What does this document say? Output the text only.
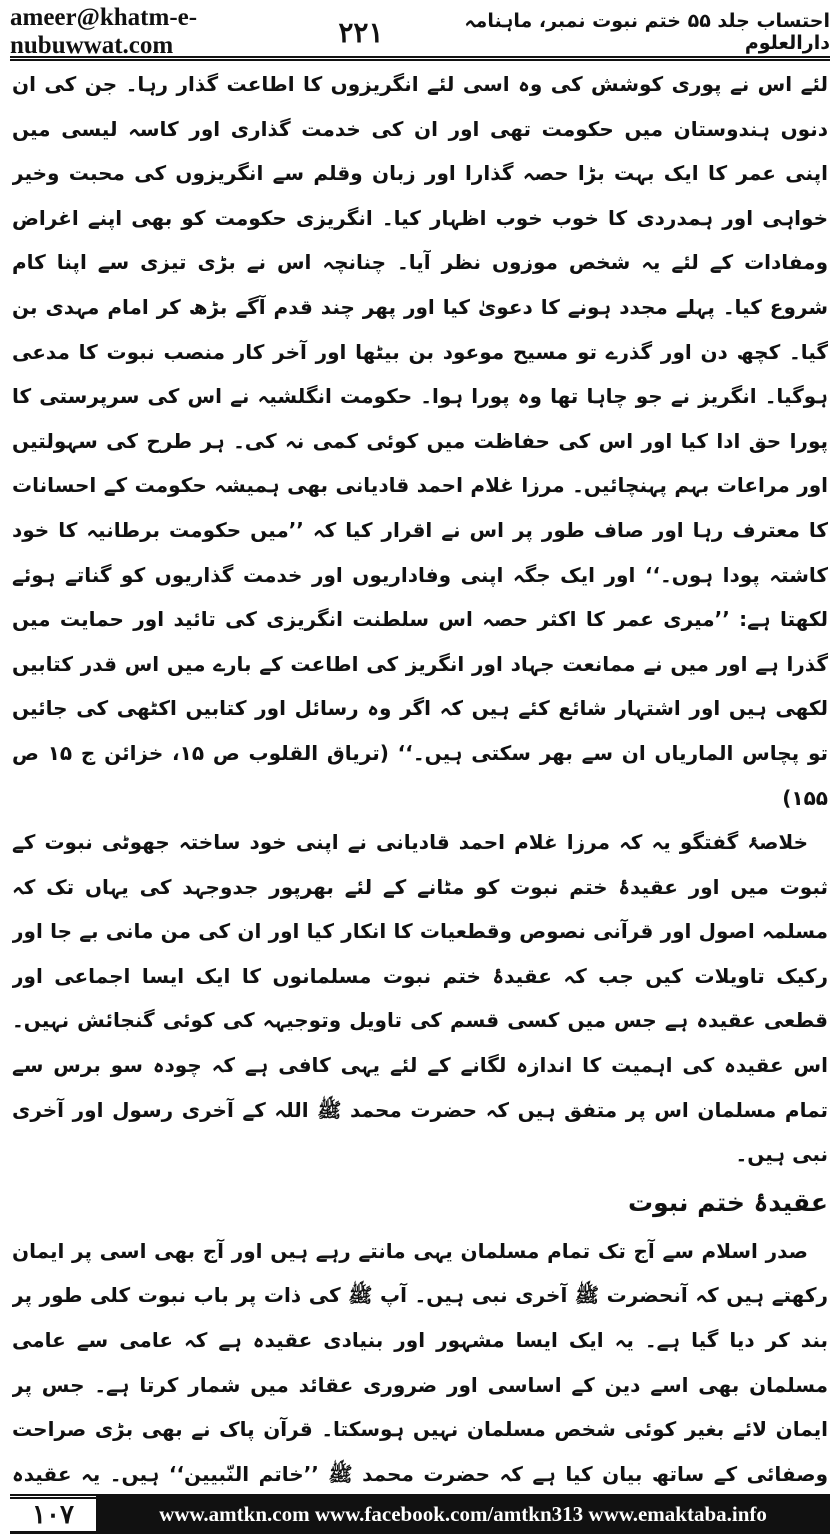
ameer@khatm-e-nubuwwat.com	۲۲۱	احتساب جلد ۵۵ ختم نبوت نمبر، ماہنامہ دارالعلوم

لئے اس نے پوری کوشش کی وہ اسی لئے انگریزوں کا اطاعت گذار رہا۔ جن کی ان دنوں ہندوستان میں حکومت تھی اور ان کی خدمت گذاری اور کاسہ لیسی میں اپنی عمر کا ایک بہت بڑا حصہ گذارا اور زبان وقلم سے انگریزوں کی محبت وخیر خواہی اور ہمدردی کا خوب خوب اظہار کیا۔ انگریزی حکومت کو بھی اپنے اغراض ومفادات کے لئے یہ شخص موزوں نظر آیا۔ چنانچہ اس نے بڑی تیزی سے اپنا کام شروع کیا۔ پہلے مجدد ہونے کا دعویٰ کیا اور پھر چند قدم آگے بڑھ کر امام مہدی بن گیا۔ کچھ دن اور گذرے تو مسیح موعود بن بیٹھا اور آخر کار منصب نبوت کا مدعی ہوگیا۔ انگریز نے جو چاہا تھا وہ پورا ہوا۔ حکومت انگلشیہ نے اس کی سرپرستی کا پورا حق ادا کیا اور اس کی حفاظت میں کوئی کمی نہ کی۔ ہر طرح کی سہولتیں اور مراعات بہم پہنچائیں۔ مرزا غلام احمد قادیانی بھی ہمیشہ حکومت کے احسانات کا معترف رہا اور صاف طور پر اس نے اقرار کیا کہ ’’میں حکومت برطانیہ کا خود کاشتہ پودا ہوں۔‘‘ اور ایک جگہ اپنی وفاداریوں اور خدمت گذاریوں کو گناتے ہوئے لکھتا ہے: ’’میری عمر کا اکثر حصہ اس سلطنت انگریزی کی تائید اور حمایت میں گذرا ہے اور میں نے ممانعت جہاد اور انگریز کی اطاعت کے بارے میں اس قدر کتابیں لکھی ہیں اور اشتہار شائع کئے ہیں کہ اگر وہ رسائل اور کتابیں اکٹھی کی جائیں تو پچاس الماریاں ان سے بھر سکتی ہیں۔‘‘ (تریاق القلوب ص ۱۵، خزائن ج ۱۵ ص ۱۵۵)

خلاصۂ گفتگو یہ کہ مرزا غلام احمد قادیانی نے اپنی خود ساختہ جھوٹی نبوت کے ثبوت میں اور عقیدۂ ختم نبوت کو مٹانے کے لئے بھرپور جدوجہد کی یہاں تک کہ مسلمہ اصول اور قرآنی نصوص وقطعیات کا انکار کیا اور ان کی من مانی بے جا اور رکیک تاویلات کیں جب کہ عقیدۂ ختم نبوت مسلمانوں کا ایک ایسا اجماعی اور قطعی عقیدہ ہے جس میں کسی قسم کی تاویل وتوجیہہ کی کوئی گنجائش نہیں۔ اس عقیدہ کی اہمیت کا اندازہ لگانے کے لئے یہی کافی ہے کہ چودہ سو برس سے تمام مسلمان اس پر متفق ہیں کہ حضرت محمد ﷺ اللہ کے آخری رسول اور آخری نبی ہیں۔

عقیدۂ ختم نبوت

صدر اسلام سے آج تک تمام مسلمان یہی مانتے رہے ہیں اور آج بھی اسی پر ایمان رکھتے ہیں کہ آنحضرت ﷺ آخری نبی ہیں۔ آپ ﷺ کی ذات پر باب نبوت کلی طور پر بند کر دیا گیا ہے۔ یہ ایک ایسا مشہور اور بنیادی عقیدہ ہے کہ عامی سے عامی مسلمان بھی اسے دین کے اساسی اور ضروری عقائد میں شمار کرتا ہے۔ جس پر ایمان لائے بغیر کوئی شخص مسلمان نہیں ہوسکتا۔ قرآن پاک نے بھی بڑی صراحت وصفائی کے ساتھ بیان کیا ہے کہ حضرت محمد ﷺ ’’خاتم النّبیین‘‘ ہیں۔ یہ عقیدہ

۱۰۷	www.amtkn.com www.facebook.com/amtkn313 www.emaktaba.info
